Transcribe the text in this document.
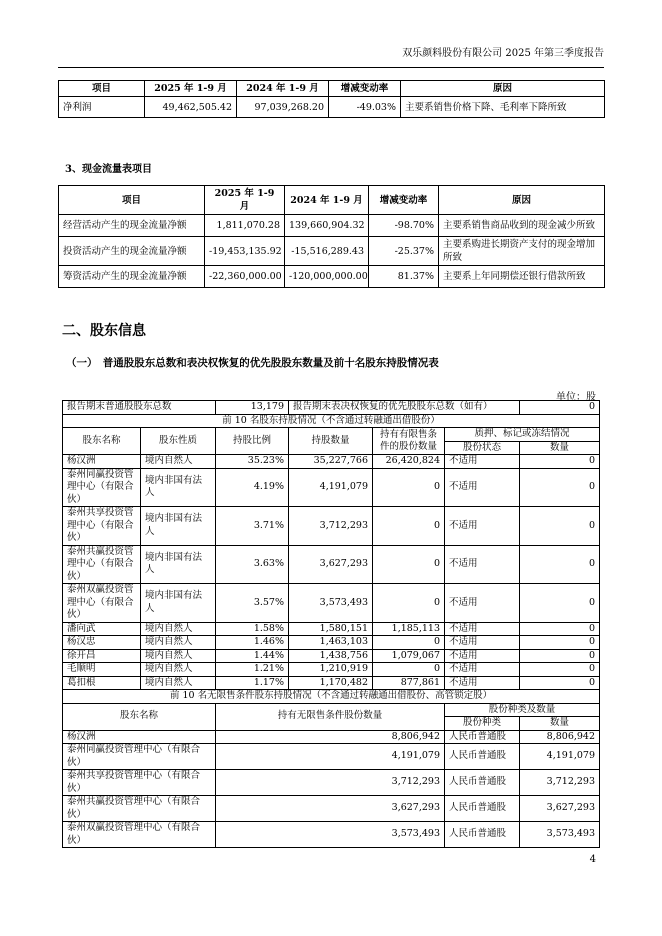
双乐颜料股份有限公司 2025 年第三季度报告
项目	2025 年 1-9 月	2024 年 1-9 月	增减变动率	原因
净利润	49,462,505.42	97,039,268.20	-49.03%	主要系销售价格下降、毛利率下降所致
3、现金流量表项目
项目	2025 年 1-9 月	2024 年 1-9 月	增减变动率	原因
经营活动产生的现金流量净额	1,811,070.28	139,660,904.32	-98.70%	主要系销售商品收到的现金减少所致
投资活动产生的现金流量净额	-19,453,135.92	-15,516,289.43	-25.37%	主要系购进长期资产支付的现金增加所致
筹资活动产生的现金流量净额	-22,360,000.00	-120,000,000.00	81.37%	主要系上年同期偿还银行借款所致
二、股东信息
（一）　普通股股东总数和表决权恢复的优先股股东数量及前十名股东持股情况表
单位：股
报告期末普通股股东总数		13,179	报告期末表决权恢复的优先股股东总数（如有）			0
前 10 名股东持股情况（不含通过转融通出借股份）						
股东名称	股东性质	持股比例	持股数量	持有有限售条件的股份数量	质押、标记或冻结情况	
					股份状态	数量
杨汉洲	境内自然人	35.23%	35,227,766	26,420,824	不适用	0
泰州同赢投资管理中心（有限合伙）	境内非国有法人	4.19%	4,191,079	0	不适用	0
泰州共享投资管理中心（有限合伙）	境内非国有法人	3.71%	3,712,293	0	不适用	0
泰州共赢投资管理中心（有限合伙）	境内非国有法人	3.63%	3,627,293	0	不适用	0
泰州双赢投资管理中心（有限合伙）	境内非国有法人	3.57%	3,573,493	0	不适用	0
潘向武	境内自然人	1.58%	1,580,151	1,185,113	不适用	0
杨汉忠	境内自然人	1.46%	1,463,103	0	不适用	0
徐开昌	境内自然人	1.44%	1,438,756	1,079,067	不适用	0
毛顺明	境内自然人	1.21%	1,210,919	0	不适用	0
葛扣根	境内自然人	1.17%	1,170,482	877,861	不适用	0
前 10 名无限售条件股东持股情况（不含通过转融通出借股份、高管锁定股）						
股东名称		持有无限售条件股份数量			股份种类及数量	
					股份种类	数量
杨汉洲		8,806,942			人民币普通股	8,806,942
泰州同赢投资管理中心（有限合伙）		4,191,079			人民币普通股	4,191,079
泰州共享投资管理中心（有限合伙）		3,712,293			人民币普通股	3,712,293
泰州共赢投资管理中心（有限合伙）		3,627,293			人民币普通股	3,627,293
泰州双赢投资管理中心（有限合伙）		3,573,493			人民币普通股	3,573,493
4
